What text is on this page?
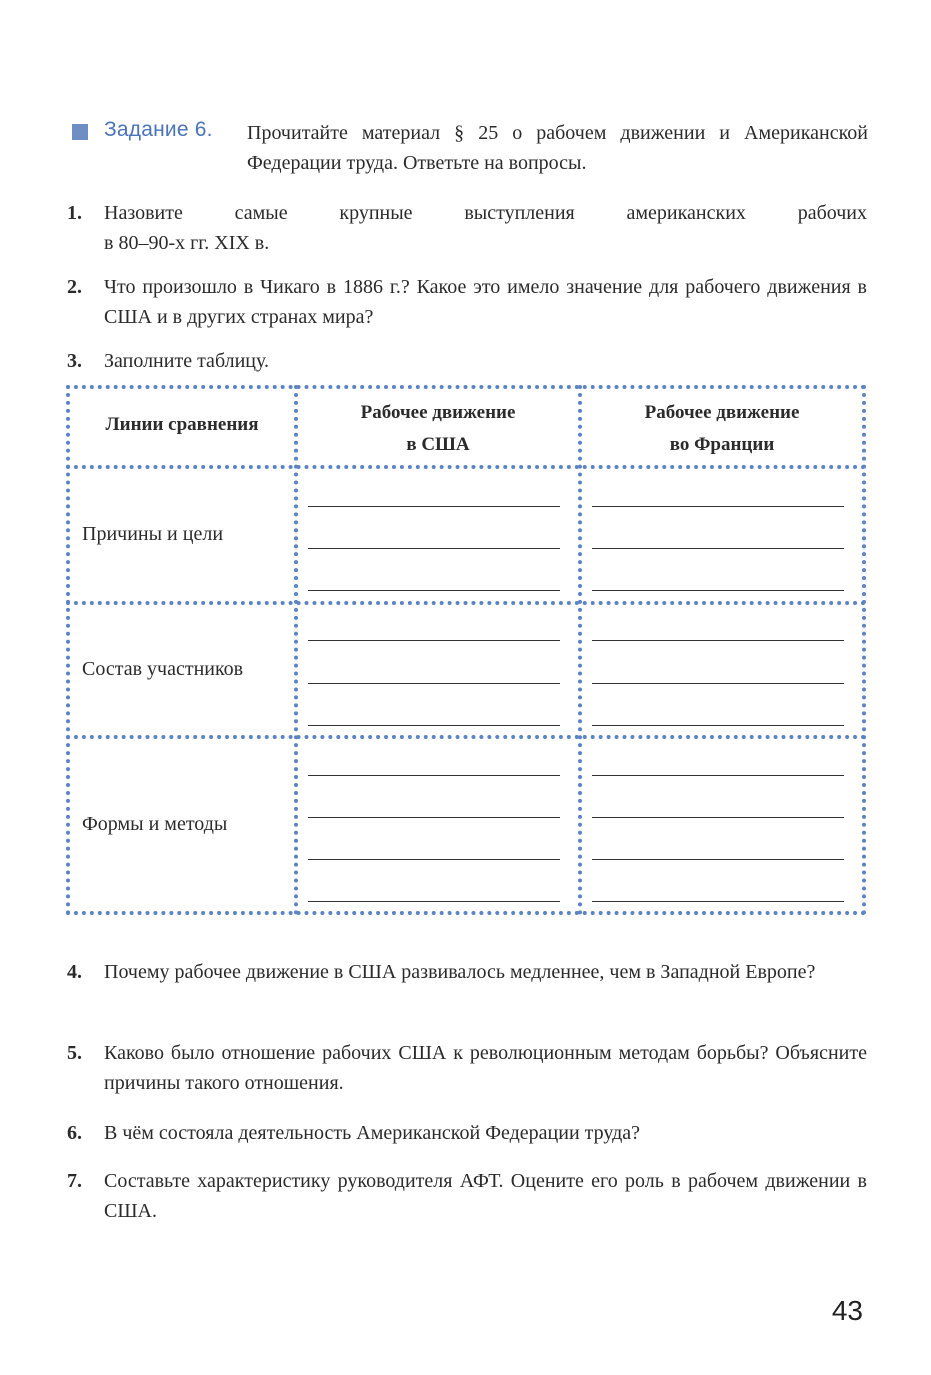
Задание 6. Прочитайте материал § 25 о рабочем движении и Американской Федерации труда. Ответьте на вопросы.
1. Назовите самые крупные выступления американских рабочих
в 80–90-х гг. XIX в.
2. Что произошло в Чикаго в 1886 г.? Какое это имело значение для рабочего движения в США и в других странах мира?
3. Заполните таблицу.
Линии сравнения
Рабочее движение
в США
Рабочее движение
во Франции
Причины и цели
Состав участников
Формы и методы
4. Почему рабочее движение в США развивалось медленнее, чем в Западной Европе?
5. Каково было отношение рабочих США к революционным методам борьбы? Объясните причины такого отношения.
6. В чём состояла деятельность Американской Федерации труда?
7. Составьте характеристику руководителя АФТ. Оцените его роль в рабочем движении в США.
43
